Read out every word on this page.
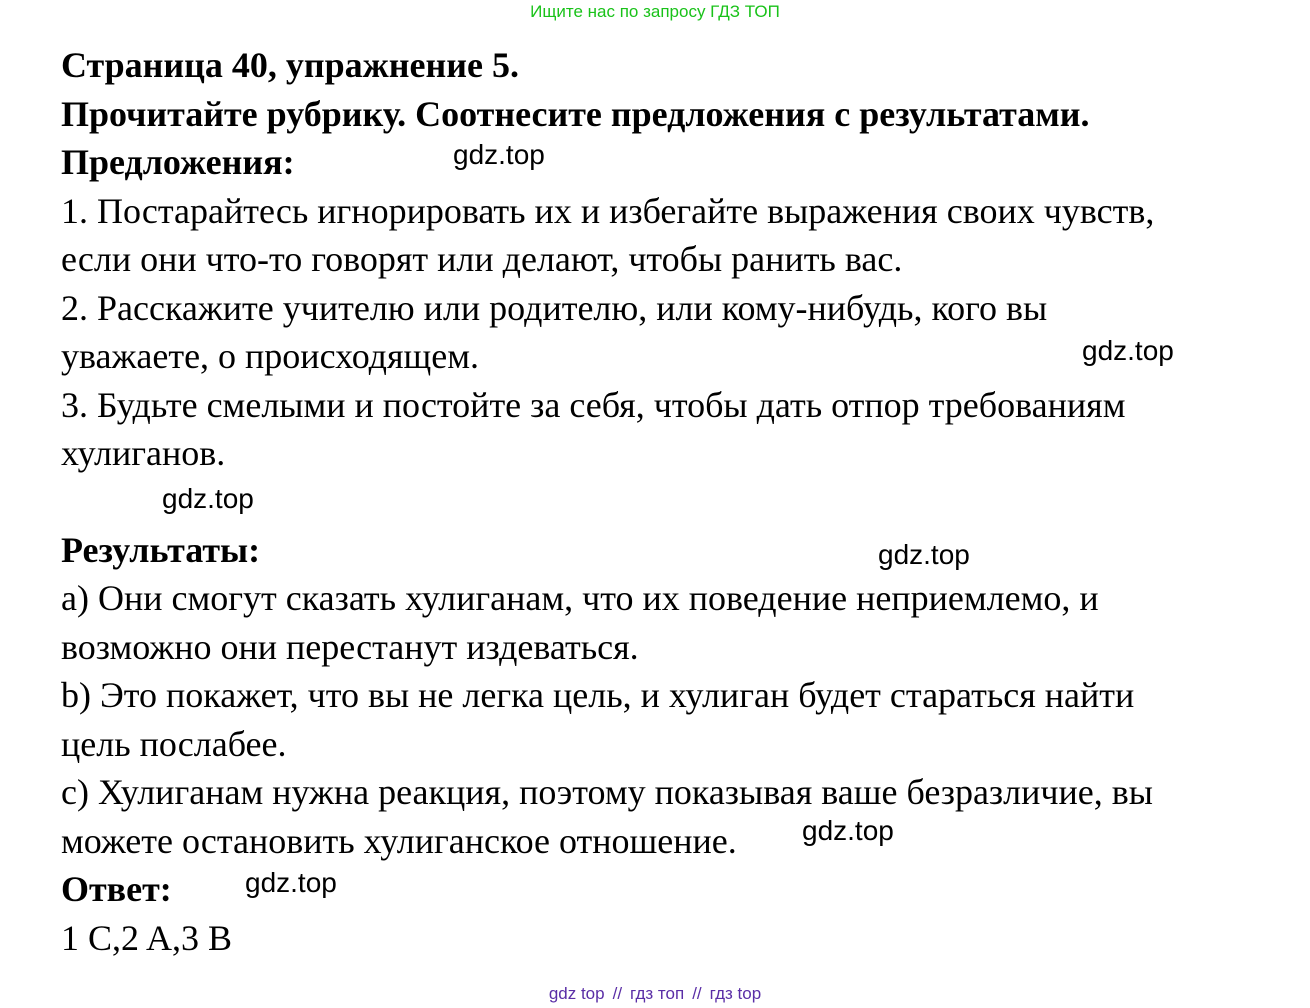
Ищите нас по запросу ГДЗ ТОП
Страница 40, упражнение 5.
Прочитайте рубрику. Соотнесите предложения с результатами.
Предложения:
1. Постарайтесь игнорировать их и избегайте выражения своих чувств,
если они что-то говорят или делают, чтобы ранить вас.
2. Расскажите учителю или родителю, или кому-нибудь, кого вы
уважаете, о происходящем.
3. Будьте смелыми и постойте за себя, чтобы дать отпор требованиям
хулиганов.
Результаты:
a) Они смогут сказать хулиганам, что их поведение неприемлемо, и
возможно они перестанут издеваться.
b) Это покажет, что вы не легка цель, и хулиган будет стараться найти
цель послабее.
c) Хулиганам нужна реакция, поэтому показывая ваше безразличие, вы
можете остановить хулиганское отношение.
Ответ:
1 C,2 A,3 B
gdz.top
gdz.top
gdz.top
gdz.top
gdz.top
gdz.top
gdz top // гдз топ // гдз top
